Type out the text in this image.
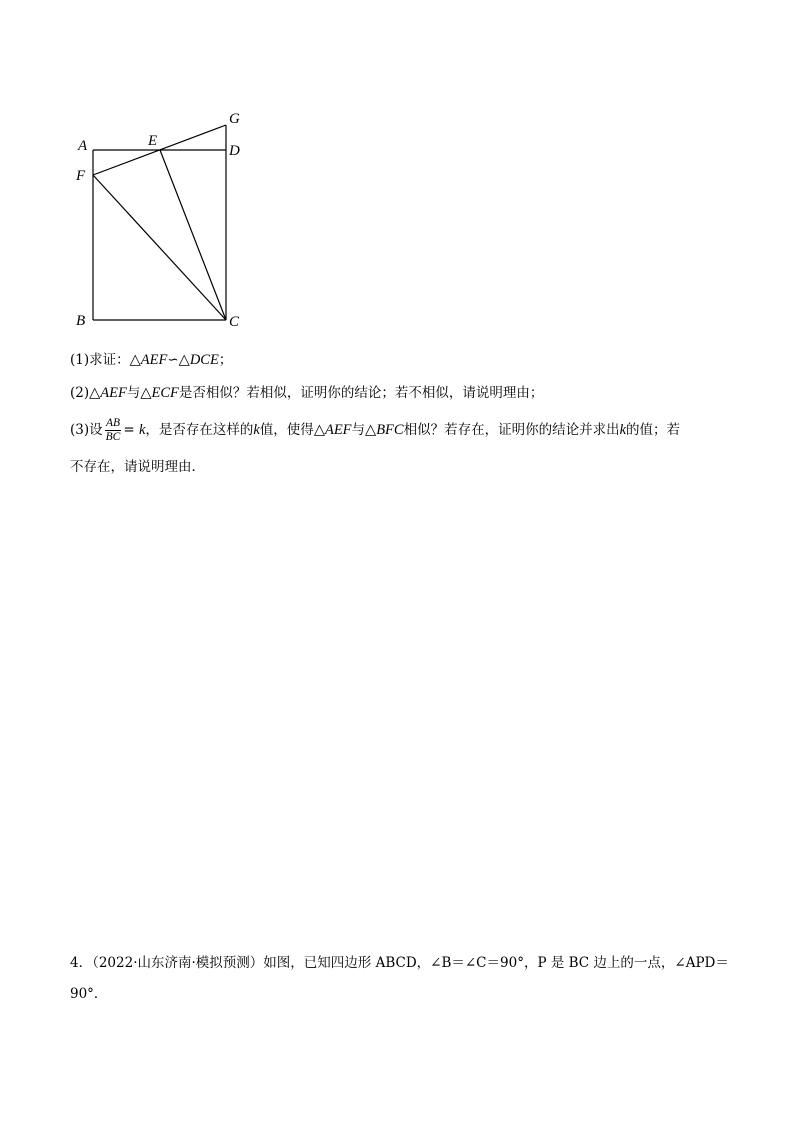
G
A	E
D
F
B	C
(1)求证：△AEF∽△DCE；
(2)△AEF与△ECF是否相似？若相似，证明你的结论；若不相似，请说明理由；
(3)设 $\frac{AB}{BC} = k$，是否存在这样的k值，使得△AEF与△BFC相似？若存在，证明你的结论并求出k的值；若
不存在，请说明理由．
4．（2022·山东济南·模拟预测）如图，已知四边形 ABCD，∠B＝∠C＝90°，P 是 BC 边上的一点，∠APD＝
90°．
